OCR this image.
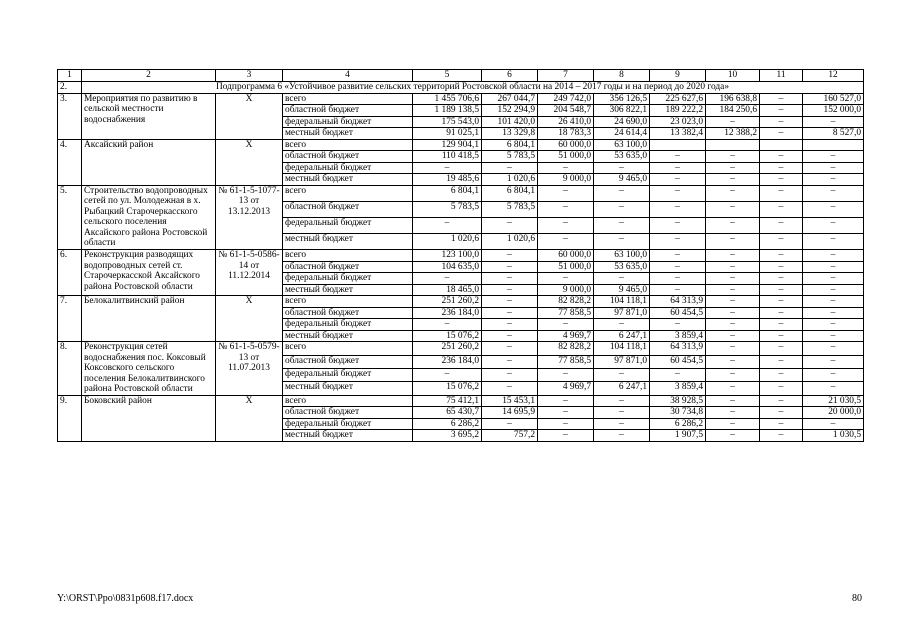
1	2	3	4	5	6	7	8	9	10	11	12
2.	Подпрограмма 6 «Устойчивое развитие сельских территорий Ростовской области на 2014 – 2017 годы и на период до 2020 года»										
3.	Мероприятия по развитию в сельской местности водоснабжения	Х	всего	1 455 706,6	267 044,7	249 742,0	356 126,5	225 627,6	196 638,8	–	160 527,0
			областной бюджет	1 189 138,5	152 294,9	204 548,7	306 822,1	189 222,2	184 250,6	–	152 000,0
			федеральный бюджет	175 543,0	101 420,0	26 410,0	24 690,0	23 023,0	–	–	–
			местный бюджет	91 025,1	13 329,8	18 783,3	24 614,4	13 382,4	12 388,2	–	8 527,0
4.	Аксайский район	Х	всего	129 904,1	6 804,1	60 000,0	63 100,0				
			областной бюджет	110 418,5	5 783,5	51 000,0	53 635,0	–	–	–	–
			федеральный бюджет	–	–	–	–	–	–	–	–
			местный бюджет	19 485,6	1 020,6	9 000,0	9 465,0	–	–	–	–
5.	Строительство водопроводных сетей по ул. Молодежная в х. Рыбацкий Старочеркасского сельского поселения Аксайского района Ростовской области	№ 61-1-5-1077-13 от 13.12.2013	всего	6 804,1	6 804,1	–	–	–	–	–	–
			областной бюджет	5 783,5	5 783,5	–	–	–	–	–	–
			федеральный бюджет	–	–	–	–	–	–	–	–
			местный бюджет	1 020,6	1 020,6	–	–	–	–	–	–
6.	Реконструкция разводящих водопроводных сетей ст. Старочеркасской Аксайского района Ростовской области	№ 61-1-5-0586-14 от 11.12.2014	всего	123 100,0	–	60 000,0	63 100,0	–	–	–	–
			областной бюджет	104 635,0	–	51 000,0	53 635,0	–	–	–	–
			федеральный бюджет	–	–	–	–	–	–	–	–
			местный бюджет	18 465,0	–	9 000,0	9 465,0	–	–	–	–
7.	Белокалитвинский район	Х	всего	251 260,2	–	82 828,2	104 118,1	64 313,9	–	–	–
			областной бюджет	236 184,0	–	77 858,5	97 871,0	60 454,5	–	–	–
			федеральный бюджет	–	–	–	–	–	–	–	–
			местный бюджет	15 076,2	–	4 969,7	6 247,1	3 859,4	–	–	–
8.	Реконструкция сетей водоснабжения пос. Коксовый Коксовского сельского поселения Белокалитвинского района Ростовской области	№ 61-1-5-0579-13 от 11.07.2013	всего	251 260,2	–	82 828,2	104 118,1	64 313,9	–	–	–
			областной бюджет	236 184,0	–	77 858,5	97 871,0	60 454,5	–	–	–
			федеральный бюджет	–	–	–	–	–	–	–	–
			местный бюджет	15 076,2	–	4 969,7	6 247,1	3 859,4	–	–	–
9.	Боковский район	Х	всего	75 412,1	15 453,1	–	–	38 928,5	–	–	21 030,5
			областной бюджет	65 430,7	14 695,9	–	–	30 734,8	–	–	20 000,0
			федеральный бюджет	6 286,2	–	–	–	6 286,2	–	–	–
			местный бюджет	3 695,2	757,2	–	–	1 907,5	–	–	1 030,5
Y:\ORST\Ppo\0831p608.f17.docx	80
